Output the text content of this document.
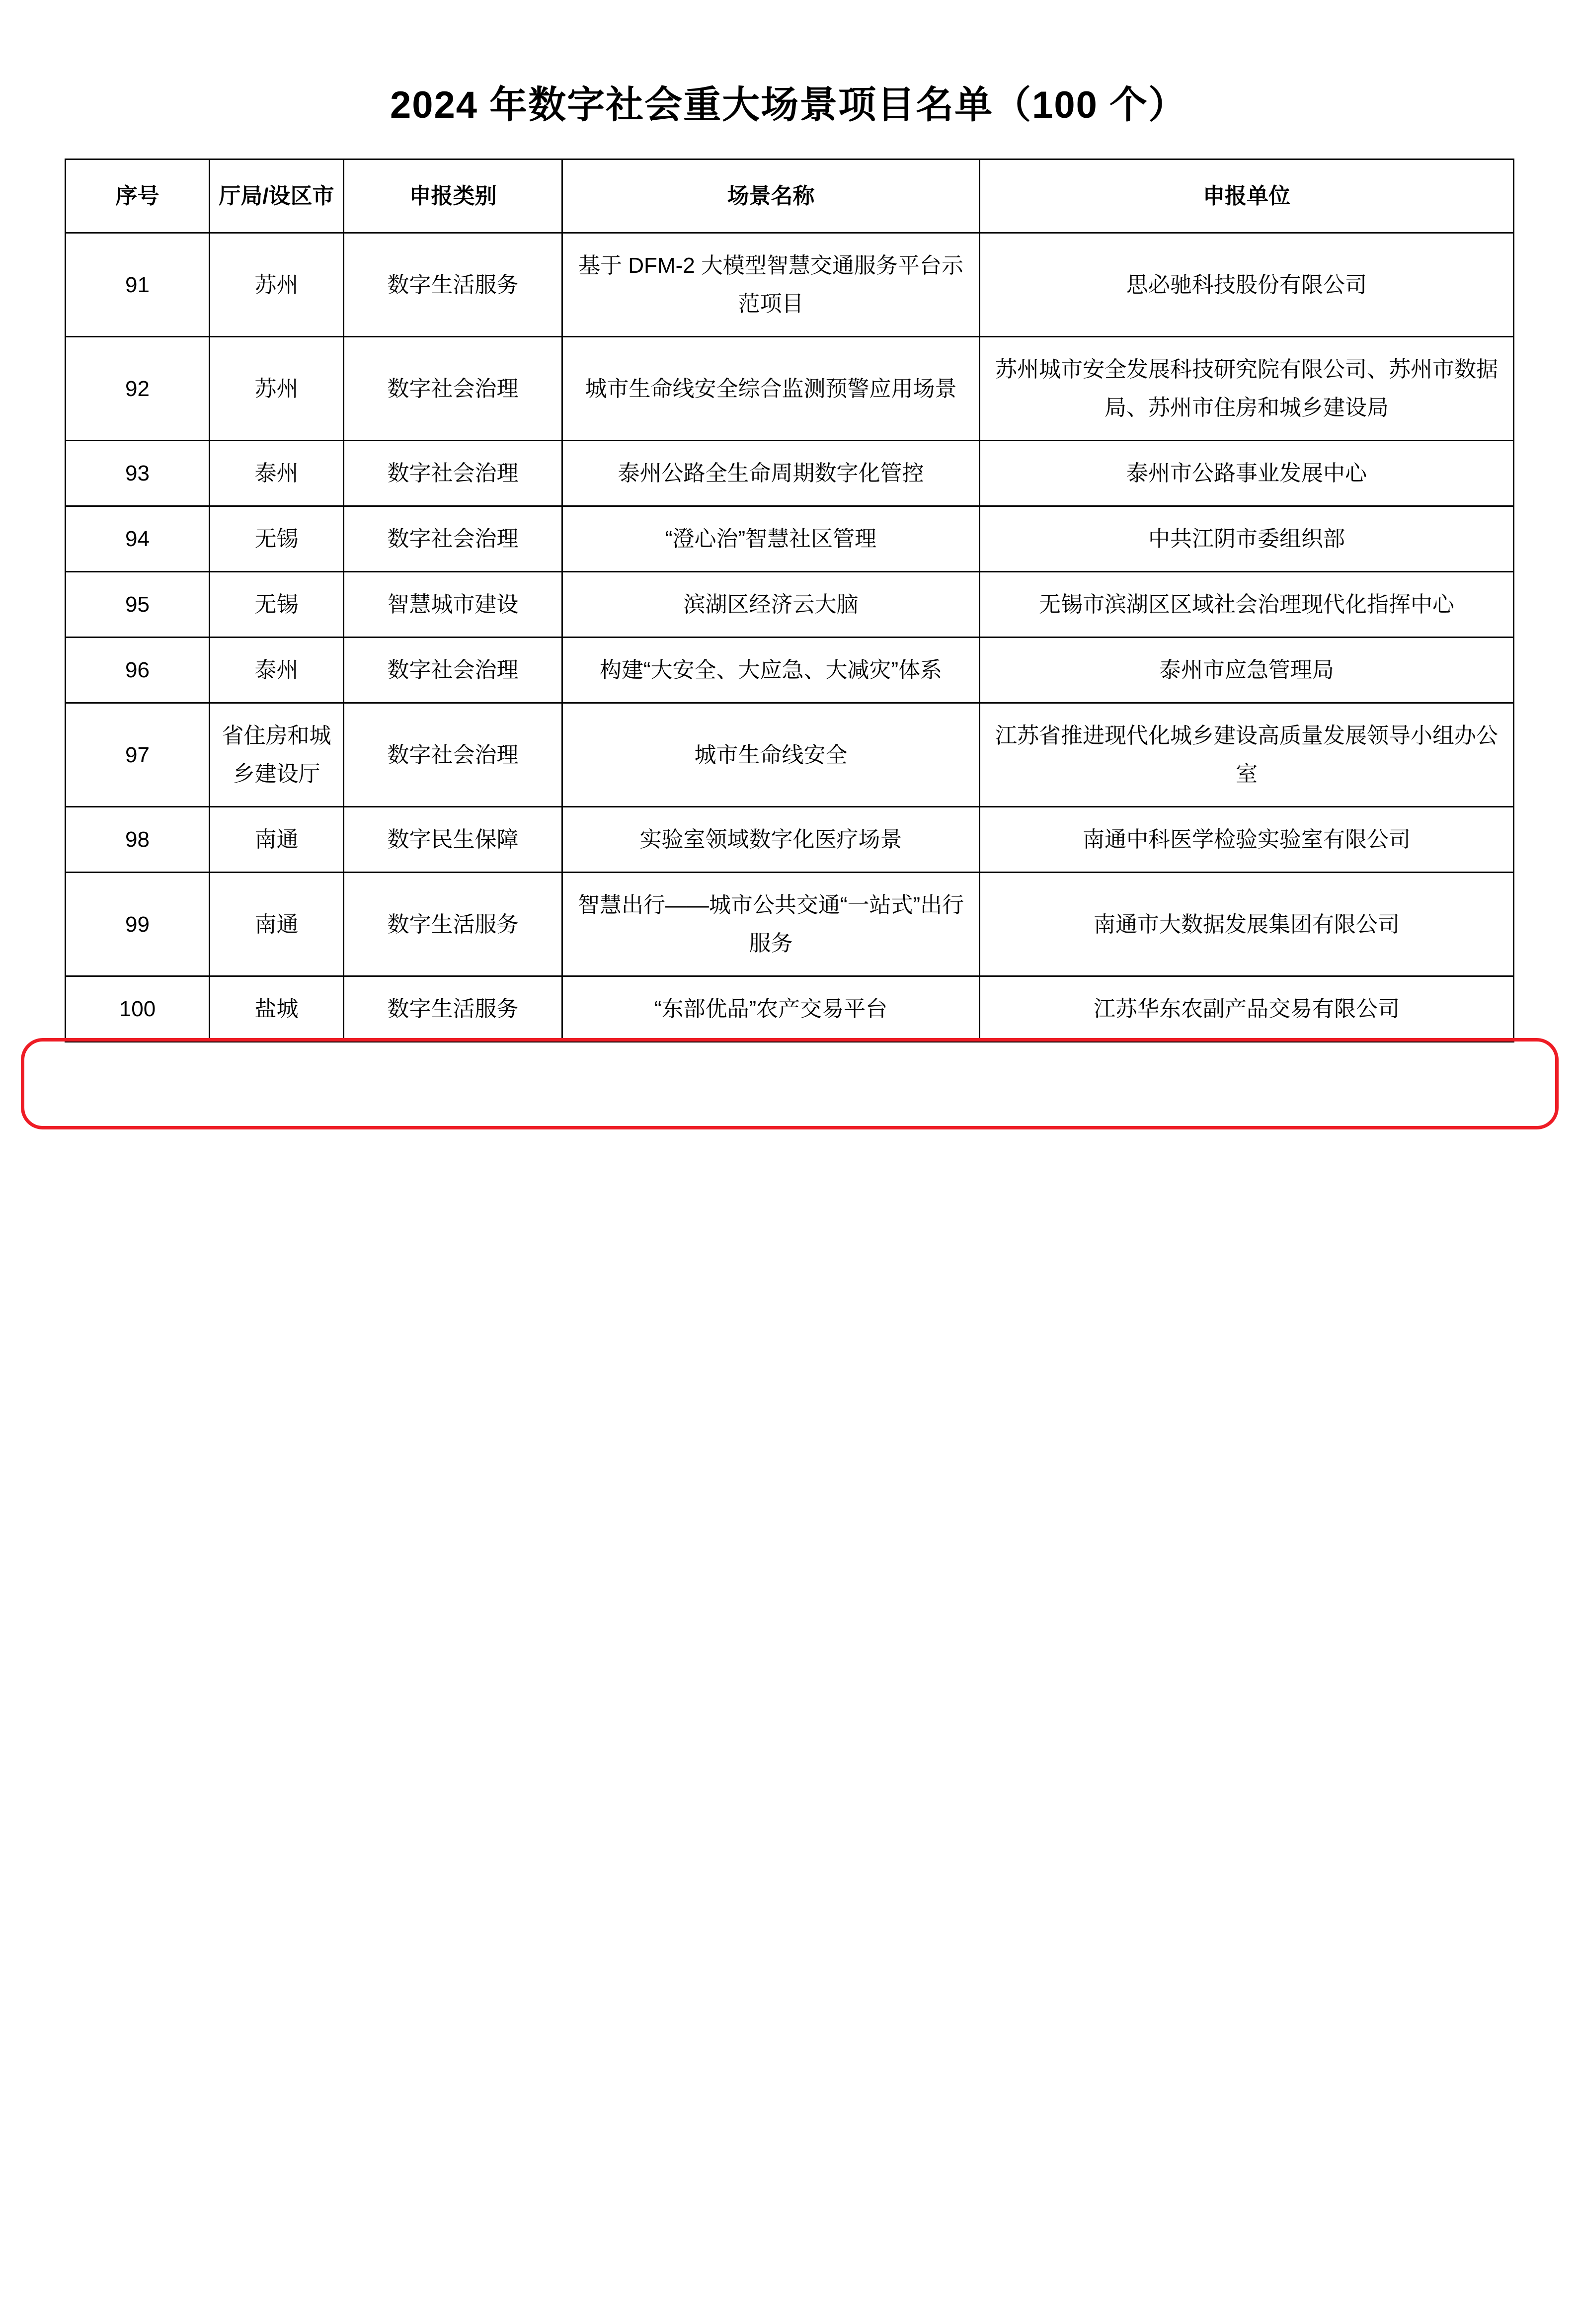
2024 年数字社会重大场景项目名单（100 个）
序号	厅局/设区市	申报类别	场景名称	申报单位
91	苏州	数字生活服务	基于 DFM-2 大模型智慧交通服务平台示范项目	思必驰科技股份有限公司
92	苏州	数字社会治理	城市生命线安全综合监测预警应用场景	苏州城市安全发展科技研究院有限公司、苏州市数据局、苏州市住房和城乡建设局
93	泰州	数字社会治理	泰州公路全生命周期数字化管控	泰州市公路事业发展中心
94	无锡	数字社会治理	“澄心治”智慧社区管理	中共江阴市委组织部
95	无锡	智慧城市建设	滨湖区经济云大脑	无锡市滨湖区区域社会治理现代化指挥中心
96	泰州	数字社会治理	构建“大安全、大应急、大减灾”体系	泰州市应急管理局
97	省住房和城乡建设厅	数字社会治理	城市生命线安全	江苏省推进现代化城乡建设高质量发展领导小组办公室
98	南通	数字民生保障	实验室领域数字化医疗场景	南通中科医学检验实验室有限公司
99	南通	数字生活服务	智慧出行——城市公共交通“一站式”出行服务	南通市大数据发展集团有限公司
100	盐城	数字生活服务	“东部优品”农产交易平台	江苏华东农副产品交易有限公司
